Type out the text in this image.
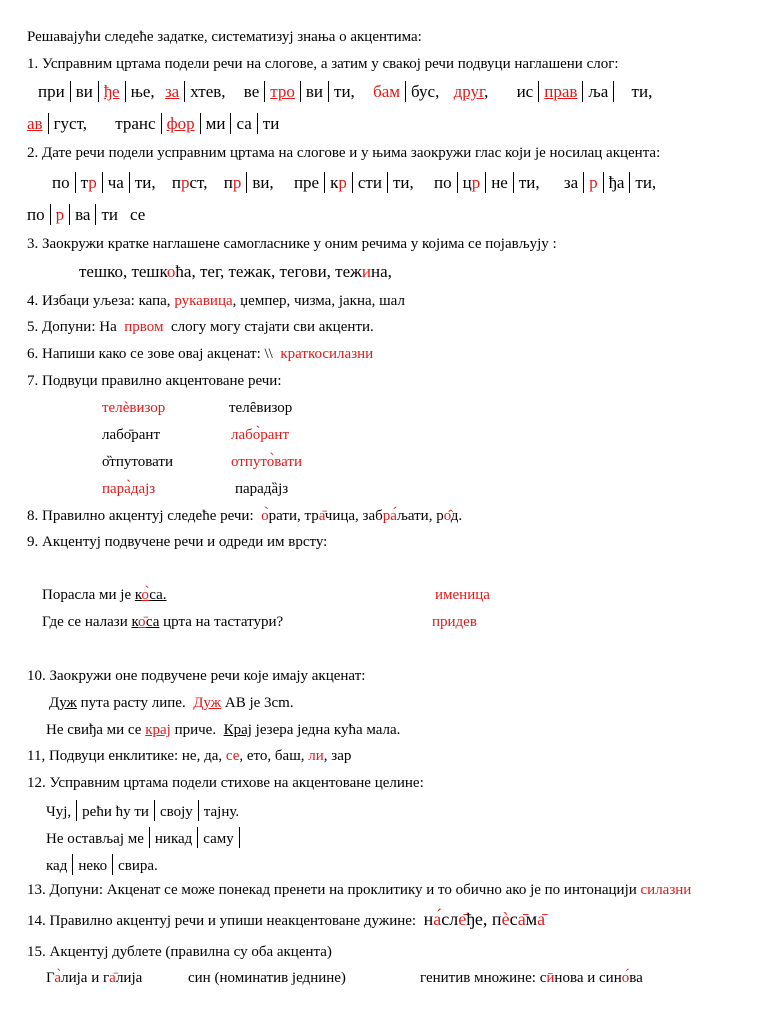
Решавајући следеће задатке, систематизуј знања о акцентима:
1. Усправним цртама подели речи на слогове, а затим у свакој речи подвуци наглашени слог:
при ви ђе ње, за хтев, ве тро ви ти, бам бус, друг, ис прав ља ти,
ав густ, транс фор ми са ти
2. Дате речи подели усправним цртама на слогове и у њима заокружи глас који је носилац акцента:
по тр ча ти, прст, пр ви, пре кр сти ти, по цр не ти, за р ђа ти,
по р ва ти се
3. Заокружи кратке наглашене самогласнике у оним речима у којима се појављују :
тешко, тешкоћа, тег, тежак, тегови, тежина,
4. Избаци уљеза: капа, рукавица, џемпер, чизма, јакна, шал
5. Допуни: На првом слогу могу стајати сви акценти.
6. Напиши како се зове овај акценат: \\ краткосилазни
7. Подвуци правилно акцентоване речи:
телѐвизор	телȇвизор
лабо̄рант	лабо̀рант
о̏тпутовати	отпуто̀вати
пара̀дајз	парадȁјз
8. Правилно акцентуј следеће речи: о̀рати, тра̄чица, забра́љати, ро̂д.
9. Акцентуј подвучене речи и одреди им врсту:
Порасла ми је ко̀са.	именица
Где се налази ко̄са црта на тастатури?	придев
10. Заокружи оне подвучене речи које имају акценат:
Дуж пута расту липе.  Дуж АВ је 3cm.
Не свиђа ми се крај приче.  Крај језера једна кућа мала.
11, Подвуци енклитике: не, да, се, ето, баш, ли, зар
12. Усправним цртама подели стихове на акцентоване целине:
Чуј, рећи ћу ти своју тајну.
Не остављај ме никад саму
кад неко свира.
13. Допуни: Акценат се може понекад пренети на проклитику и то обично ако је по интонацији силазни
14. Правилно акцентуј речи и упиши неакцентоване дужине: на́сле̄ђе, пѐса̄ма̄
15. Акцентуј дублете (правилна су оба акцента)
Га̀лија и га̄лија	син (номинатив једнине)	генитив множине: сӣнова и сино́ва
